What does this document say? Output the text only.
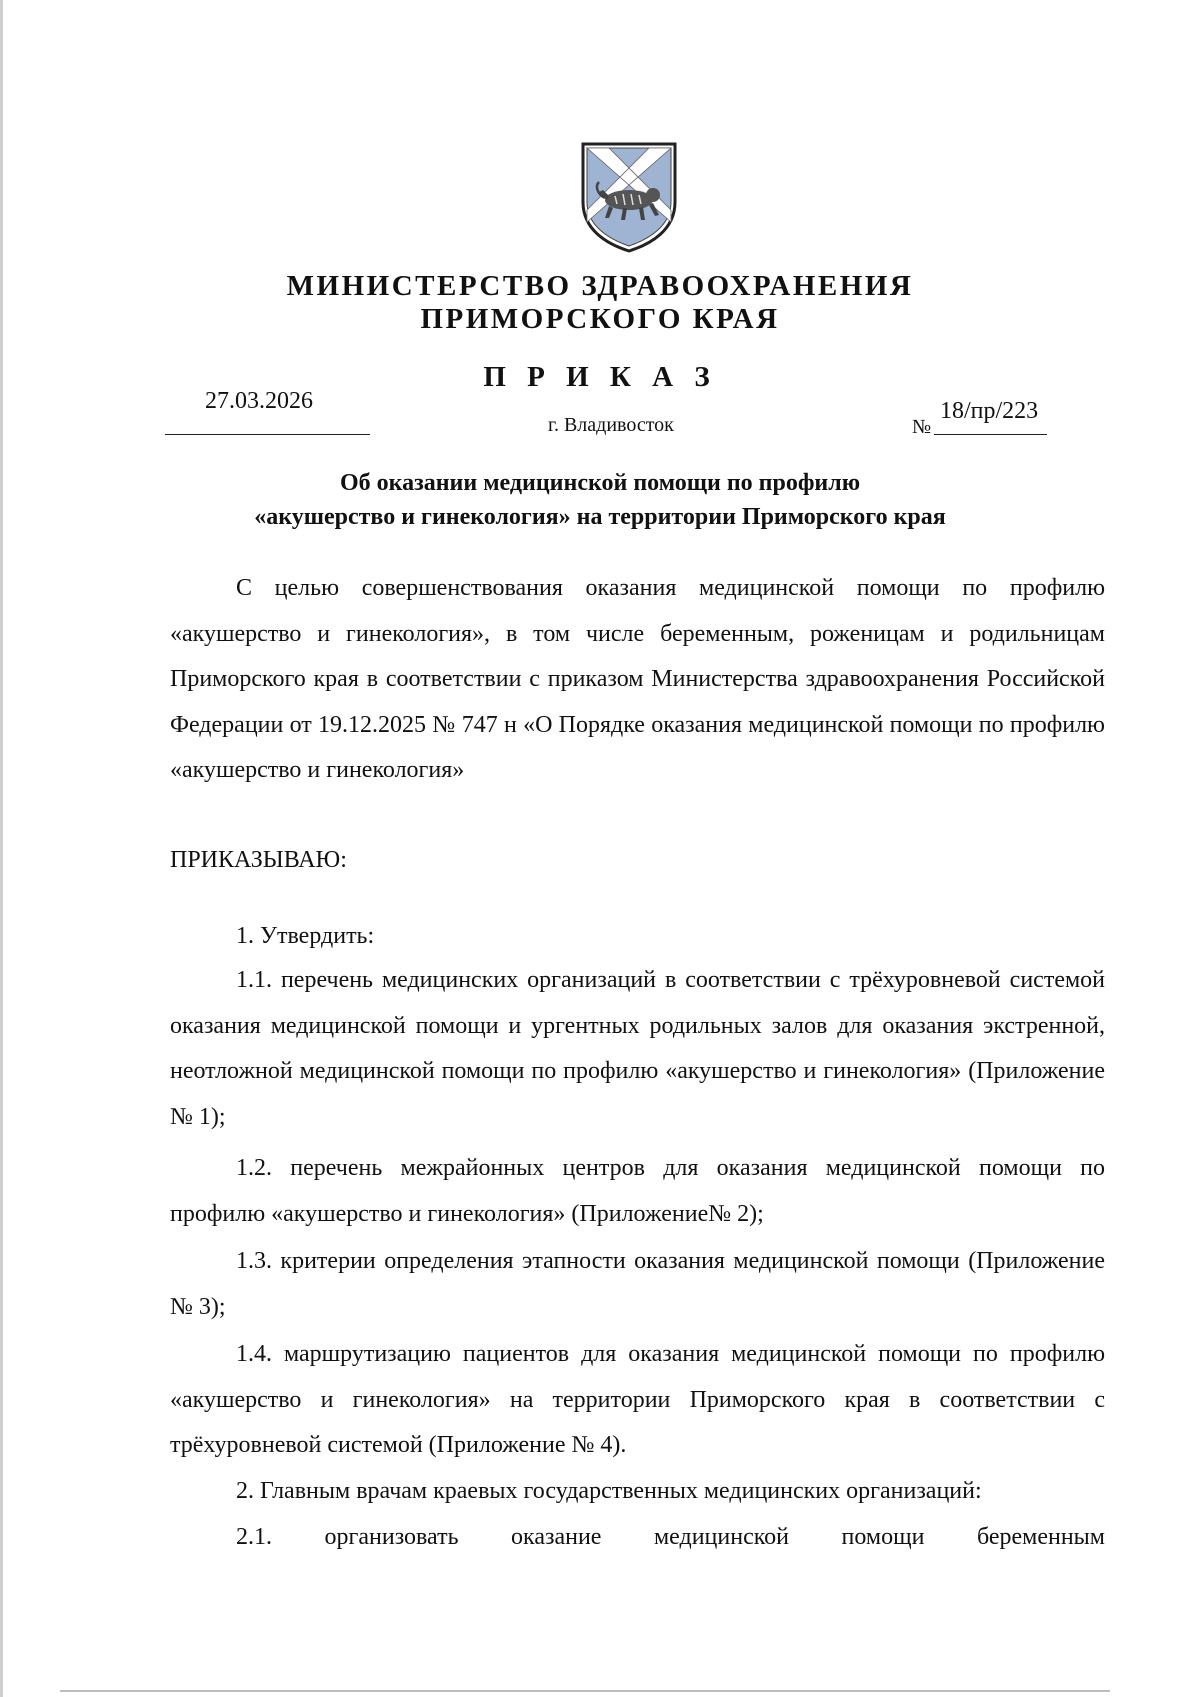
МИНИСТЕРСТВО ЗДРАВООХРАНЕНИЯ
ПРИМОРСКОГО КРАЯ
П Р И К А З
27.03.2026
г. Владивосток	№
18/пр/223
Об оказании медицинской помощи по профилю
«акушерство и гинекология» на территории Приморского края

С целью совершенствования оказания медицинской помощи по профилю «акушерство и гинекология», в том числе беременным, роженицам и родильницам Приморского края в соответствии с приказом Министерства здравоохранения Российской Федерации от 19.12.2025 № 747 н «О Порядке оказания медицинской помощи по профилю «акушерство и гинекология»

ПРИКАЗЫВАЮ:

1. Утвердить:

1.1. перечень медицинских организаций в соответствии с трёхуровневой системой оказания медицинской помощи и ургентных родильных залов для оказания экстренной, неотложной медицинской помощи по профилю «акушерство и гинекология» (Приложение № 1);

1.2. перечень межрайонных центров для оказания медицинской помощи по профилю «акушерство и гинекология» (Приложение№ 2);

1.3. критерии определения этапности оказания медицинской помощи (Приложение № 3);

1.4. маршрутизацию пациентов для оказания медицинской помощи по профилю «акушерство и гинекология» на территории Приморского края в соответствии с трёхуровневой системой (Приложение № 4).

2. Главным врачам краевых государственных медицинских организаций:

2.1. организовать оказание медицинской помощи беременным
